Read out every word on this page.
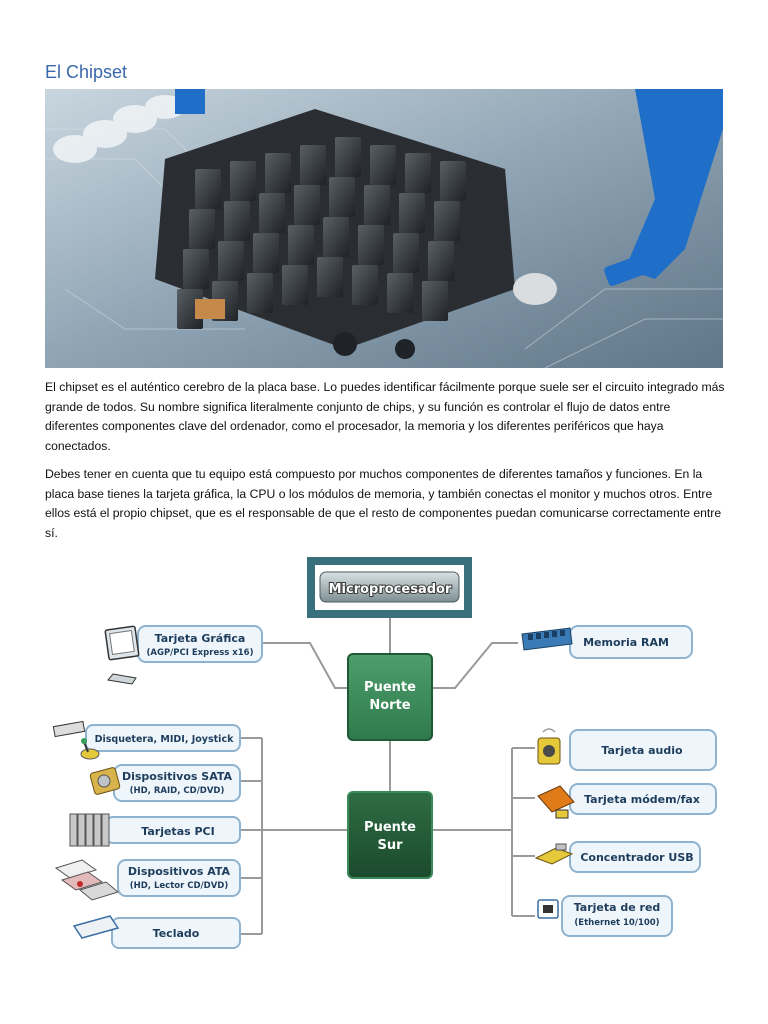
El Chipset

El chipset es el auténtico cerebro de la placa base. Lo puedes identificar fácilmente porque suele ser el circuito integrado más grande de todos. Su nombre significa literalmente conjunto de chips, y su función es controlar el flujo de datos entre diferentes componentes clave del ordenador, como el procesador, la memoria y los diferentes periféricos que haya conectados.

Debes tener en cuenta que tu equipo está compuesto por muchos componentes de diferentes tamaños y funciones. En la placa base tienes la tarjeta gráfica, la CPU o los módulos de memoria, y también conectas el monitor y muchos otros. Entre ellos está el propio chipset, que es el responsable de que el resto de componentes puedan comunicarse correctamente entre sí.

Microprocesador
Puente
Norte
Puente
Sur
Tarjeta Gráfica
(AGP/PCI Express x16)
Memoria RAM
Disquetera, MIDI, Joystick
Dispositivos SATA
(HD, RAID, CD/DVD)
Tarjetas PCI
Dispositivos ATA
(HD, Lector CD/DVD)
Teclado
Tarjeta audio
Tarjeta módem/fax
Concentrador USB
Tarjeta de red
(Ethernet 10/100)
